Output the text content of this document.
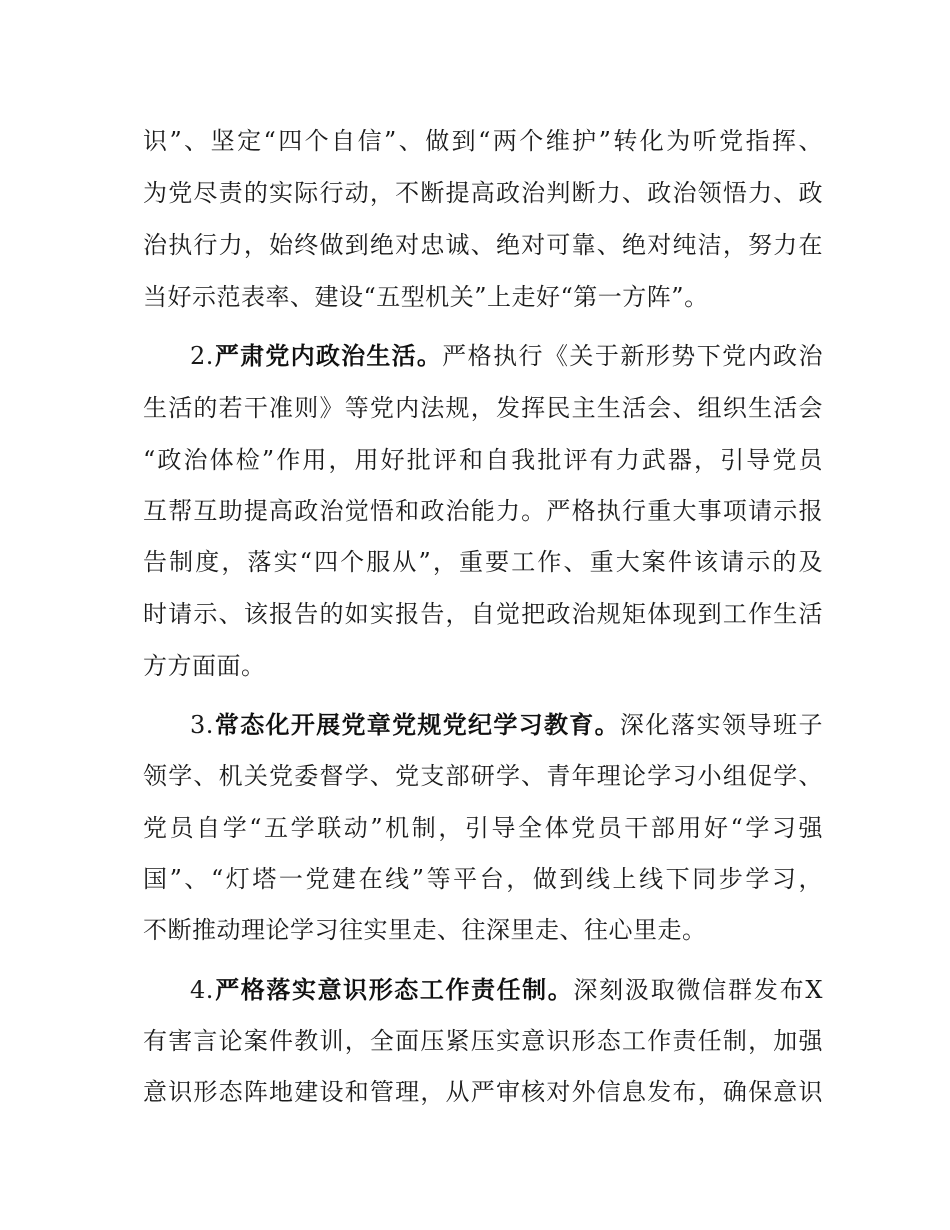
识”、坚定“四个自信”、做到“两个维护”转化为听党指挥、
为党尽责的实际行动，不断提高政治判断力、政治领悟力、政
治执行力，始终做到绝对忠诚、绝对可靠、绝对纯洁，努力在
当好示范表率、建设“五型机关”上走好“第一方阵”。
2.严肃党内政治生活。严格执行《关于新形势下党内政治
生活的若干准则》等党内法规，发挥民主生活会、组织生活会
“政治体检”作用，用好批评和自我批评有力武器，引导党员
互帮互助提高政治觉悟和政治能力。严格执行重大事项请示报
告制度，落实“四个服从”，重要工作、重大案件该请示的及
时请示、该报告的如实报告，自觉把政治规矩体现到工作生活
方方面面。
3.常态化开展党章党规党纪学习教育。深化落实领导班子
领学、机关党委督学、党支部研学、青年理论学习小组促学、
党员自学“五学联动”机制，引导全体党员干部用好“学习强
国”、“灯塔一党建在线”等平台，做到线上线下同步学习，
不断推动理论学习往实里走、往深里走、往心里走。
4.严格落实意识形态工作责任制。深刻汲取微信群发布X
有害言论案件教训，全面压紧压实意识形态工作责任制，加强
意识形态阵地建设和管理，从严审核对外信息发布，确保意识
